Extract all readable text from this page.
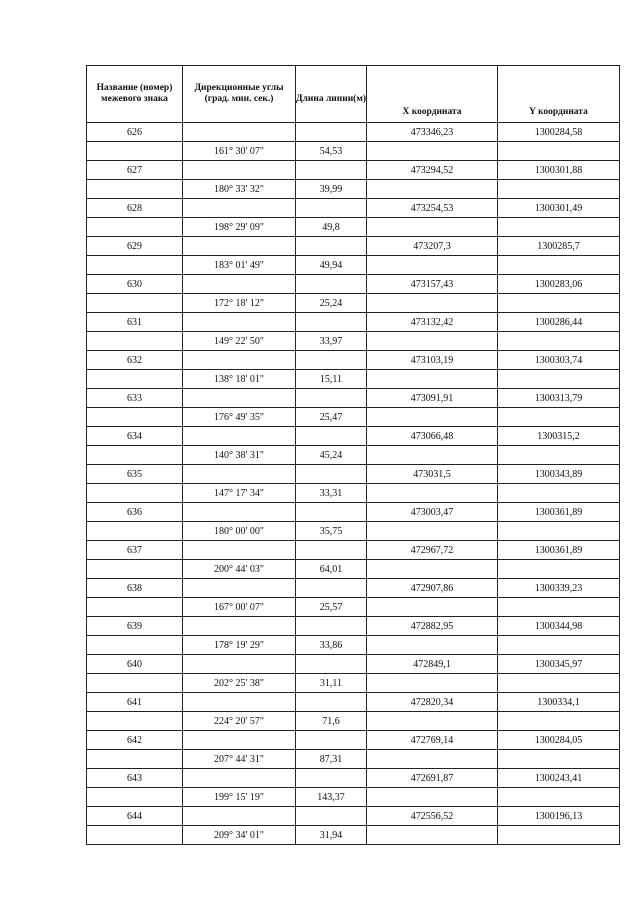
Название (номер) межевого знака	Дирекционные углы (град. мин. сек.)	Длина линии(м)	X координата	Y координата
626			473346,23	1300284,58
	161° 30' 07"	54,53		
627			473294,52	1300301,88
	180° 33' 32"	39,99		
628			473254,53	1300301,49
	198° 29' 09"	49,8		
629			473207,3	1300285,7
	183° 01' 49"	49,94		
630			473157,43	1300283,06
	172° 18' 12"	25,24		
631			473132,42	1300286,44
	149° 22' 50"	33,97		
632			473103,19	1300303,74
	138° 18' 01"	15,11		
633			473091,91	1300313,79
	176° 49' 35"	25,47		
634			473066,48	1300315,2
	140° 38' 31"	45,24		
635			473031,5	1300343,89
	147° 17' 34"	33,31		
636			473003,47	1300361,89
	180° 00' 00"	35,75		
637			472967,72	1300361,89
	200° 44' 03"	64,01		
638			472907,86	1300339,23
	167° 00' 07"	25,57		
639			472882,95	1300344,98
	178° 19' 29"	33,86		
640			472849,1	1300345,97
	202° 25' 38"	31,11		
641			472820,34	1300334,1
	224° 20' 57"	71,6		
642			472769,14	1300284,05
	207° 44' 31"	87,31		
643			472691,87	1300243,41
	199° 15' 19"	143,37		
644			472556,52	1300196,13
	209° 34' 01"	31,94		
